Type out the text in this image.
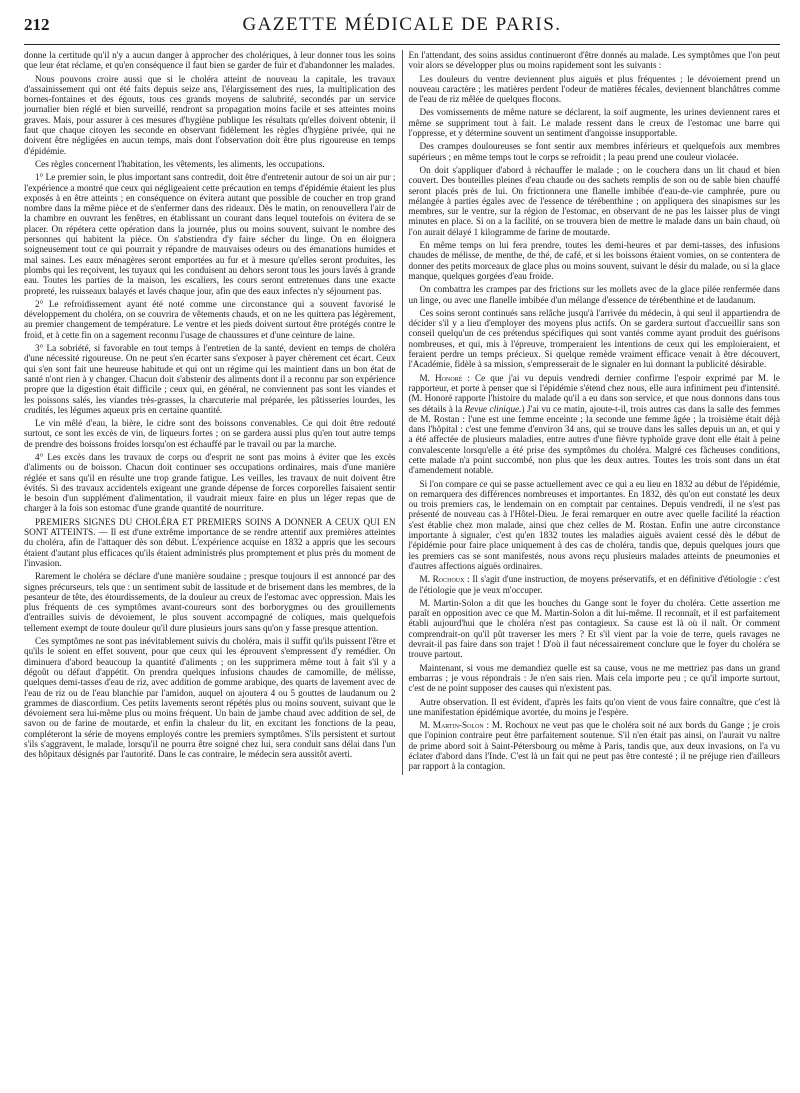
212	GAZETTE MÉDICALE DE PARIS.

donne la certitude qu'il n'y a aucun danger à approcher des cholériques, à leur donner tous les soins que leur état réclame, et qu'en conséquence il faut bien se garder de fuir et d'abandonner les malades.

Nous pouvons croire aussi que si le choléra atteint de nouveau la capitale, les travaux d'assainissement qui ont été faits depuis seize ans, l'élargissement des rues, la multiplication des bornes-fontaines et des égouts, tous ces grands moyens de salubrité, secondés par un service journalier bien réglé et bien surveillé, rendront sa propagation moins facile et ses atteintes moins graves. Mais, pour assurer à ces mesures d'hygiène publique les résultats qu'elles doivent obtenir, il faut que chaque citoyen les seconde en observant fidèlement les règles d'hygiène privée, qui ne doivent être négligées en aucun temps, mais dont l'observation doit être plus rigoureuse en temps d'épidémie.

Ces règles concernent l'habitation, les vêtements, les aliments, les occupations.

1° Le premier soin, le plus important sans contredit, doit être d'entretenir autour de soi un air pur ; l'expérience a montré que ceux qui négligeaient cette précaution en temps d'épidémie étaient les plus exposés à en être atteints ; en conséquence on évitera autant que possible de coucher en trop grand nombre dans la même pièce et de s'enfermer dans des rideaux. Dès le matin, on renouvellera l'air de la chambre en ouvrant les fenêtres, en établissant un courant dans lequel toutefois on évitera de se placer. On répétera cette opération dans la journée, plus ou moins souvent, suivant le nombre des personnes qui habitent la pièce. On s'abstiendra d'y faire sécher du linge. On en éloignera soigneusement tout ce qui pourrait y répandre de mauvaises odeurs ou des émanations humides et mal saines. Les eaux ménagères seront emportées au fur et à mesure qu'elles seront produites, les plombs qui les reçoivent, les tuyaux qui les conduisent au dehors seront tous les jours lavés à grande eau. Toutes les parties de la maison, les escaliers, les cours seront entretenues dans une exacte propreté, les ruisseaux balayés et lavés chaque jour, afin que des eaux infectes n'y séjournent pas.

2° Le refroidissement ayant été noté comme une circonstance qui a souvent favorisé le développement du choléra, on se couvrira de vêtements chauds, et on ne les quittera pas légèrement, au premier changement de température. Le ventre et les pieds doivent surtout être protégés contre le froid, et à cette fin on a sagement reconnu l'usage de chaussures et d'une ceinture de laine.

3° La sobriété, si favorable en tout temps à l'entretien de la santé, devient en temps de choléra d'une nécessité rigoureuse. On ne peut s'en écarter sans s'exposer à payer chèrement cet écart. Ceux qui s'en sont fait une heureuse habitude et qui ont un régime qui les maintient dans un bon état de santé n'ont rien à y changer. Chacun doit s'abstenir des aliments dont il a reconnu par son expérience propre que la digestion était difficile ; ceux qui, en général, ne conviennent pas sont les viandes et les poissons salés, les viandes très-grasses, la charcuterie mal préparée, les pâtisseries lourdes, les crudités, les légumes aqueux pris en certaine quantité.

Le vin mêlé d'eau, la bière, le cidre sont des boissons convenables. Ce qui doit être redouté surtout, ce sont les excès de vin, de liqueurs fortes ; on se gardera aussi plus qu'en tout autre temps de prendre des boissons froides lorsqu'on est échauffé par le travail ou par la marche.

4° Les excès dans les travaux de corps ou d'esprit ne sont pas moins à éviter que les excès d'aliments ou de boisson. Chacun doit continuer ses occupations ordinaires, mais d'une manière réglée et sans qu'il en résulte une trop grande fatigue. Les veilles, les travaux de nuit doivent être évités. Si des travaux accidentels exigeant une grande dépense de forces corporelles faisaient sentir le besoin d'un supplément d'alimentation, il vaudrait mieux faire en plus un léger repas que de charger à la fois son estomac d'une grande quantité de nourriture.

PREMIERS SIGNES DU CHOLÉRA ET PREMIERS SOINS A DONNER A CEUX QUI EN SONT ATTEINTS. — Il est d'une extrême importance de se rendre attentif aux premières atteintes du choléra, afin de l'attaquer dès son début. L'expérience acquise en 1832 a appris que les secours étaient d'autant plus efficaces qu'ils étaient administrés plus promptement et plus près du moment de l'invasion.

Rarement le choléra se déclare d'une manière soudaine ; presque toujours il est annoncé par des signes précurseurs, tels que : un sentiment subit de lassitude et de brisement dans les membres, de la pesanteur de tête, des étourdissements, de la douleur au creux de l'estomac avec oppression. Mais les plus fréquents de ces symptômes avant-coureurs sont des borborygmes ou des grouillements d'entrailles suivis de dévoiement, le plus souvent accompagné de coliques, mais quelquefois tellement exempt de toute douleur qu'il dure plusieurs jours sans qu'on y fasse presque attention.

Ces symptômes ne sont pas inévitablement suivis du choléra, mais il suffit qu'ils puissent l'être et qu'ils le soient en effet souvent, pour que ceux qui les éprouvent s'empressent d'y remédier. On diminuera d'abord beaucoup la quantité d'aliments ; on les supprimera même tout à fait s'il y a dégoût ou défaut d'appétit. On prendra quelques infusions chaudes de camomille, de mélisse, quelques demi-tasses d'eau de riz, avec addition de gomme arabique, des quarts de lavement avec de l'eau de riz ou de l'eau blanchie par l'amidon, auquel on ajoutera 4 ou 5 gouttes de laudanum ou 2 grammes de diascordium. Ces petits lavements seront répétés plus ou moins souvent, suivant que le dévoiement sera lui-même plus ou moins fréquent. Un bain de jambe chaud avec addition de sel, de savon ou de farine de moutarde, et enfin la chaleur du lit, en excitant les fonctions de la peau, compléteront la série de moyens employés contre les premiers symptômes. S'ils persistent et surtout s'ils s'aggravent, le malade, lorsqu'il ne pourra être soigné chez lui, sera conduit sans délai dans l'un des hôpitaux désignés par l'autorité. Dans le cas contraire, le médecin sera aussitôt averti.

En l'attendant, des soins assidus continueront d'être donnés au malade. Les symptômes que l'on peut voir alors se développer plus ou moins rapidement sont les suivants :

Les douleurs du ventre deviennent plus aiguës et plus fréquentes ; le dévoiement prend un nouveau caractère ; les matières perdent l'odeur de matières fécales, deviennent blanchâtres comme de l'eau de riz mêlée de quelques flocons.

Des vomissements de même nature se déclarent, la soif augmente, les urines deviennent rares et même se suppriment tout à fait. Le malade ressent dans le creux de l'estomac une barre qui l'oppresse, et y détermine souvent un sentiment d'angoisse insupportable.

Des crampes douloureuses se font sentir aux membres inférieurs et quelquefois aux membres supérieurs ; en même temps tout le corps se refroidit ; la peau prend une couleur violacée.

On doit s'appliquer d'abord à réchauffer le malade ; on le couchera dans un lit chaud et bien couvert. Des bouteilles pleines d'eau chaude ou des sachets remplis de son ou de sable bien chauffé seront placés près de lui. On frictionnera une flanelle imbibée d'eau-de-vie camphrée, pure ou mélangée à parties égales avec de l'essence de térébenthine ; on appliquera des sinapismes sur les membres, sur le ventre, sur la région de l'estomac, en observant de ne pas les laisser plus de vingt minutes en place. Si on a la facilité, on se trouvera bien de mettre le malade dans un bain chaud, où l'on aurait délayé 1 kilogramme de farine de moutarde.

En même temps on lui fera prendre, toutes les demi-heures et par demi-tasses, des infusions chaudes de mélisse, de menthe, de thé, de café, et si les boissons étaient vomies, on se contentera de donner des petits morceaux de glace plus ou moins souvent, suivant le désir du malade, ou si la glace manque, quelques gorgées d'eau froide.

On combattra les crampes par des frictions sur les mollets avec de la glace pilée renfermée dans un linge, ou avec une flanelle imbibée d'un mélange d'essence de térébenthine et de laudanum.

Ces soins seront continués sans relâche jusqu'à l'arrivée du médecin, à qui seul il appartiendra de décider s'il y a lieu d'employer des moyens plus actifs. On se gardera surtout d'accueillir sans son conseil quelqu'un de ces prétendus spécifiques qui sont vantés comme ayant produit des guérisons nombreuses, et qui, mis à l'épreuve, tromperaient les intentions de ceux qui les emploieraient, et feraient perdre un temps précieux. Si quelque remède vraiment efficace venait à être découvert, l'Académie, fidèle à sa mission, s'empresserait de le signaler en lui donnant la publicité désirable.

M. Honoré : Ce que j'ai vu depuis vendredi dernier confirme l'espoir exprimé par M. le rapporteur, et porte à penser que si l'épidémie s'étend chez nous, elle aura infiniment peu d'intensité. (M. Honoré rapporte l'histoire du malade qu'il a eu dans son service, et que nous donnons dans tous ses détails à la Revue clinique.) J'ai vu ce matin, ajoute-t-il, trois autres cas dans la salle des femmes de M. Rostan : l'une est une femme enceinte ; la seconde une femme âgée ; la troisième était déjà dans l'hôpital : c'est une femme d'environ 34 ans, qui se trouve dans les salles depuis un an, et qui y a été affectée de plusieurs maladies, entre autres d'une fièvre typhoïde grave dont elle était à peine convalescente lorsqu'elle a été prise des symptômes du choléra. Malgré ces fâcheuses conditions, cette malade n'a point succombé, non plus que les deux autres. Toutes les trois sont dans un état d'amendement notable.

Si l'on compare ce qui se passe actuellement avec ce qui a eu lieu en 1832 au début de l'épidémie, on remarquera des différences nombreuses et importantes. En 1832, dès qu'on eut constaté les deux ou trois premiers cas, le lendemain on en comptait par centaines. Depuis vendredi, il ne s'est pas présenté de nouveau cas à l'Hôtel-Dieu. Je ferai remarquer en outre avec quelle facilité la réaction s'est établie chez mon malade, ainsi que chez celles de M. Rostan. Enfin une autre circonstance importante à signaler, c'est qu'en 1832 toutes les maladies aiguës avaient cessé dès le début de l'épidémie pour faire place uniquement à des cas de choléra, tandis que, depuis quelques jours que les premiers cas se sont manifestés, nous avons reçu plusieurs malades atteints de pneumonies et d'autres affections aiguës ordinaires.

M. Rochoux : Il s'agit d'une instruction, de moyens préservatifs, et en définitive d'étiologie : c'est de l'étiologie que je veux m'occuper.

M. Martin-Solon a dit que les bouches du Gange sont le foyer du choléra. Cette assertion me paraît en opposition avec ce que M. Martin-Solon a dit lui-même. Il reconnaît, et il est parfaitement établi aujourd'hui que le choléra n'est pas contagieux. Sa cause est là où il naît. Or comment comprendrait-on qu'il pût traverser les mers ? Et s'il vient par la voie de terre, quels ravages ne devrait-il pas faire dans son trajet ! D'où il faut nécessairement conclure que le foyer du choléra se trouve partout.

Maintenant, si vous me demandiez quelle est sa cause, vous ne me mettriez pas dans un grand embarras ; je vous répondrais : Je n'en sais rien. Mais cela importe peu ; ce qu'il importe surtout, c'est de ne point supposer des causes qui n'existent pas.

Autre observation. Il est évident, d'après les faits qu'on vient de vous faire connaître, que c'est là une manifestation épidémique avortée, du moins je l'espère.

M. Martin-Solon : M. Rochoux ne veut pas que le choléra soit né aux bords du Gange ; je crois que l'opinion contraire peut être parfaitement soutenue. S'il n'en était pas ainsi, on l'aurait vu naître de prime abord soit à Saint-Pétersbourg ou même à Paris, tandis que, aux deux invasions, on l'a vu éclater d'abord dans l'Inde. C'est là un fait qui ne peut pas être contesté ; il ne préjuge rien d'ailleurs par rapport à la contagion.
